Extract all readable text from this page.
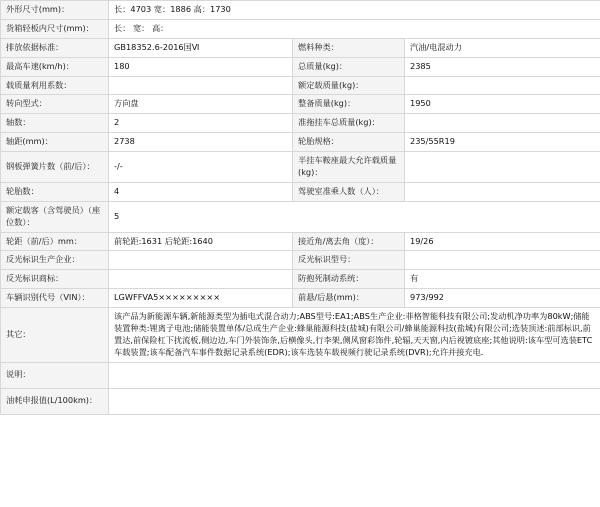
外形尺寸(mm)：	长：4703 宽：1886 高：1730		
货箱轻板内尺寸(mm)：	长： 宽： 高：		
排放依据标准：	GB18352.6-2016国Ⅵ	燃料种类：	汽油/电混动力
最高车速(km/h)：	180	总质量(kg)：	2385
载质量利用系数：		额定载质量(kg)：	
转向型式：	方向盘	整备质量(kg)：	1950
轴数：	2	准拖挂车总质量(kg)：	
轴距(mm)：	2738	轮胎规格：	235/55R19
钢板弹簧片数（前/后）：	-/-	半挂车鞍座最大允许载质量(kg)：	
轮胎数：	4	驾驶室准乘人数（人）：	
额定载客（含驾驶员）（座位数）：	5		
轮距（前/后）mm：	前轮距:1631 后轮距:1640	接近角/离去角（度）：	19/26
反光标识生产企业：		反光标识型号：	
反光标识商标：		防抱死制动系统：	有
车辆识别代号（VIN）：	LGWFFVA5×××××××××	前悬/后悬(mm)：	973/992
其它：	该产品为新能源车辆,新能源类型为插电式混合动力;ABS型号:EA1;ABS生产企业:菲格智能科技有限公司;发动机净功率为80kW;储能装置种类:锂离子电池;储能装置单体/总成生产企业:蜂巢能源科技(盐城)有限公司/蜂巢能源科技(盐城)有限公司;选装顶述:前部标识,前置达,前保险杠下扰流板,侧边边,车门外装饰条,后横像头,行李架,侧风窗彩饰件,轮辐,天天窗,内后视镀底座;其他说明:该车型可选装ETC车载装置;该车配备汽车事件数据记录系统(EDR);该车选装车载视频行驶记录系统(DVR);允许并接充电.		
说明：			
油耗申报值(L/100km)：			
